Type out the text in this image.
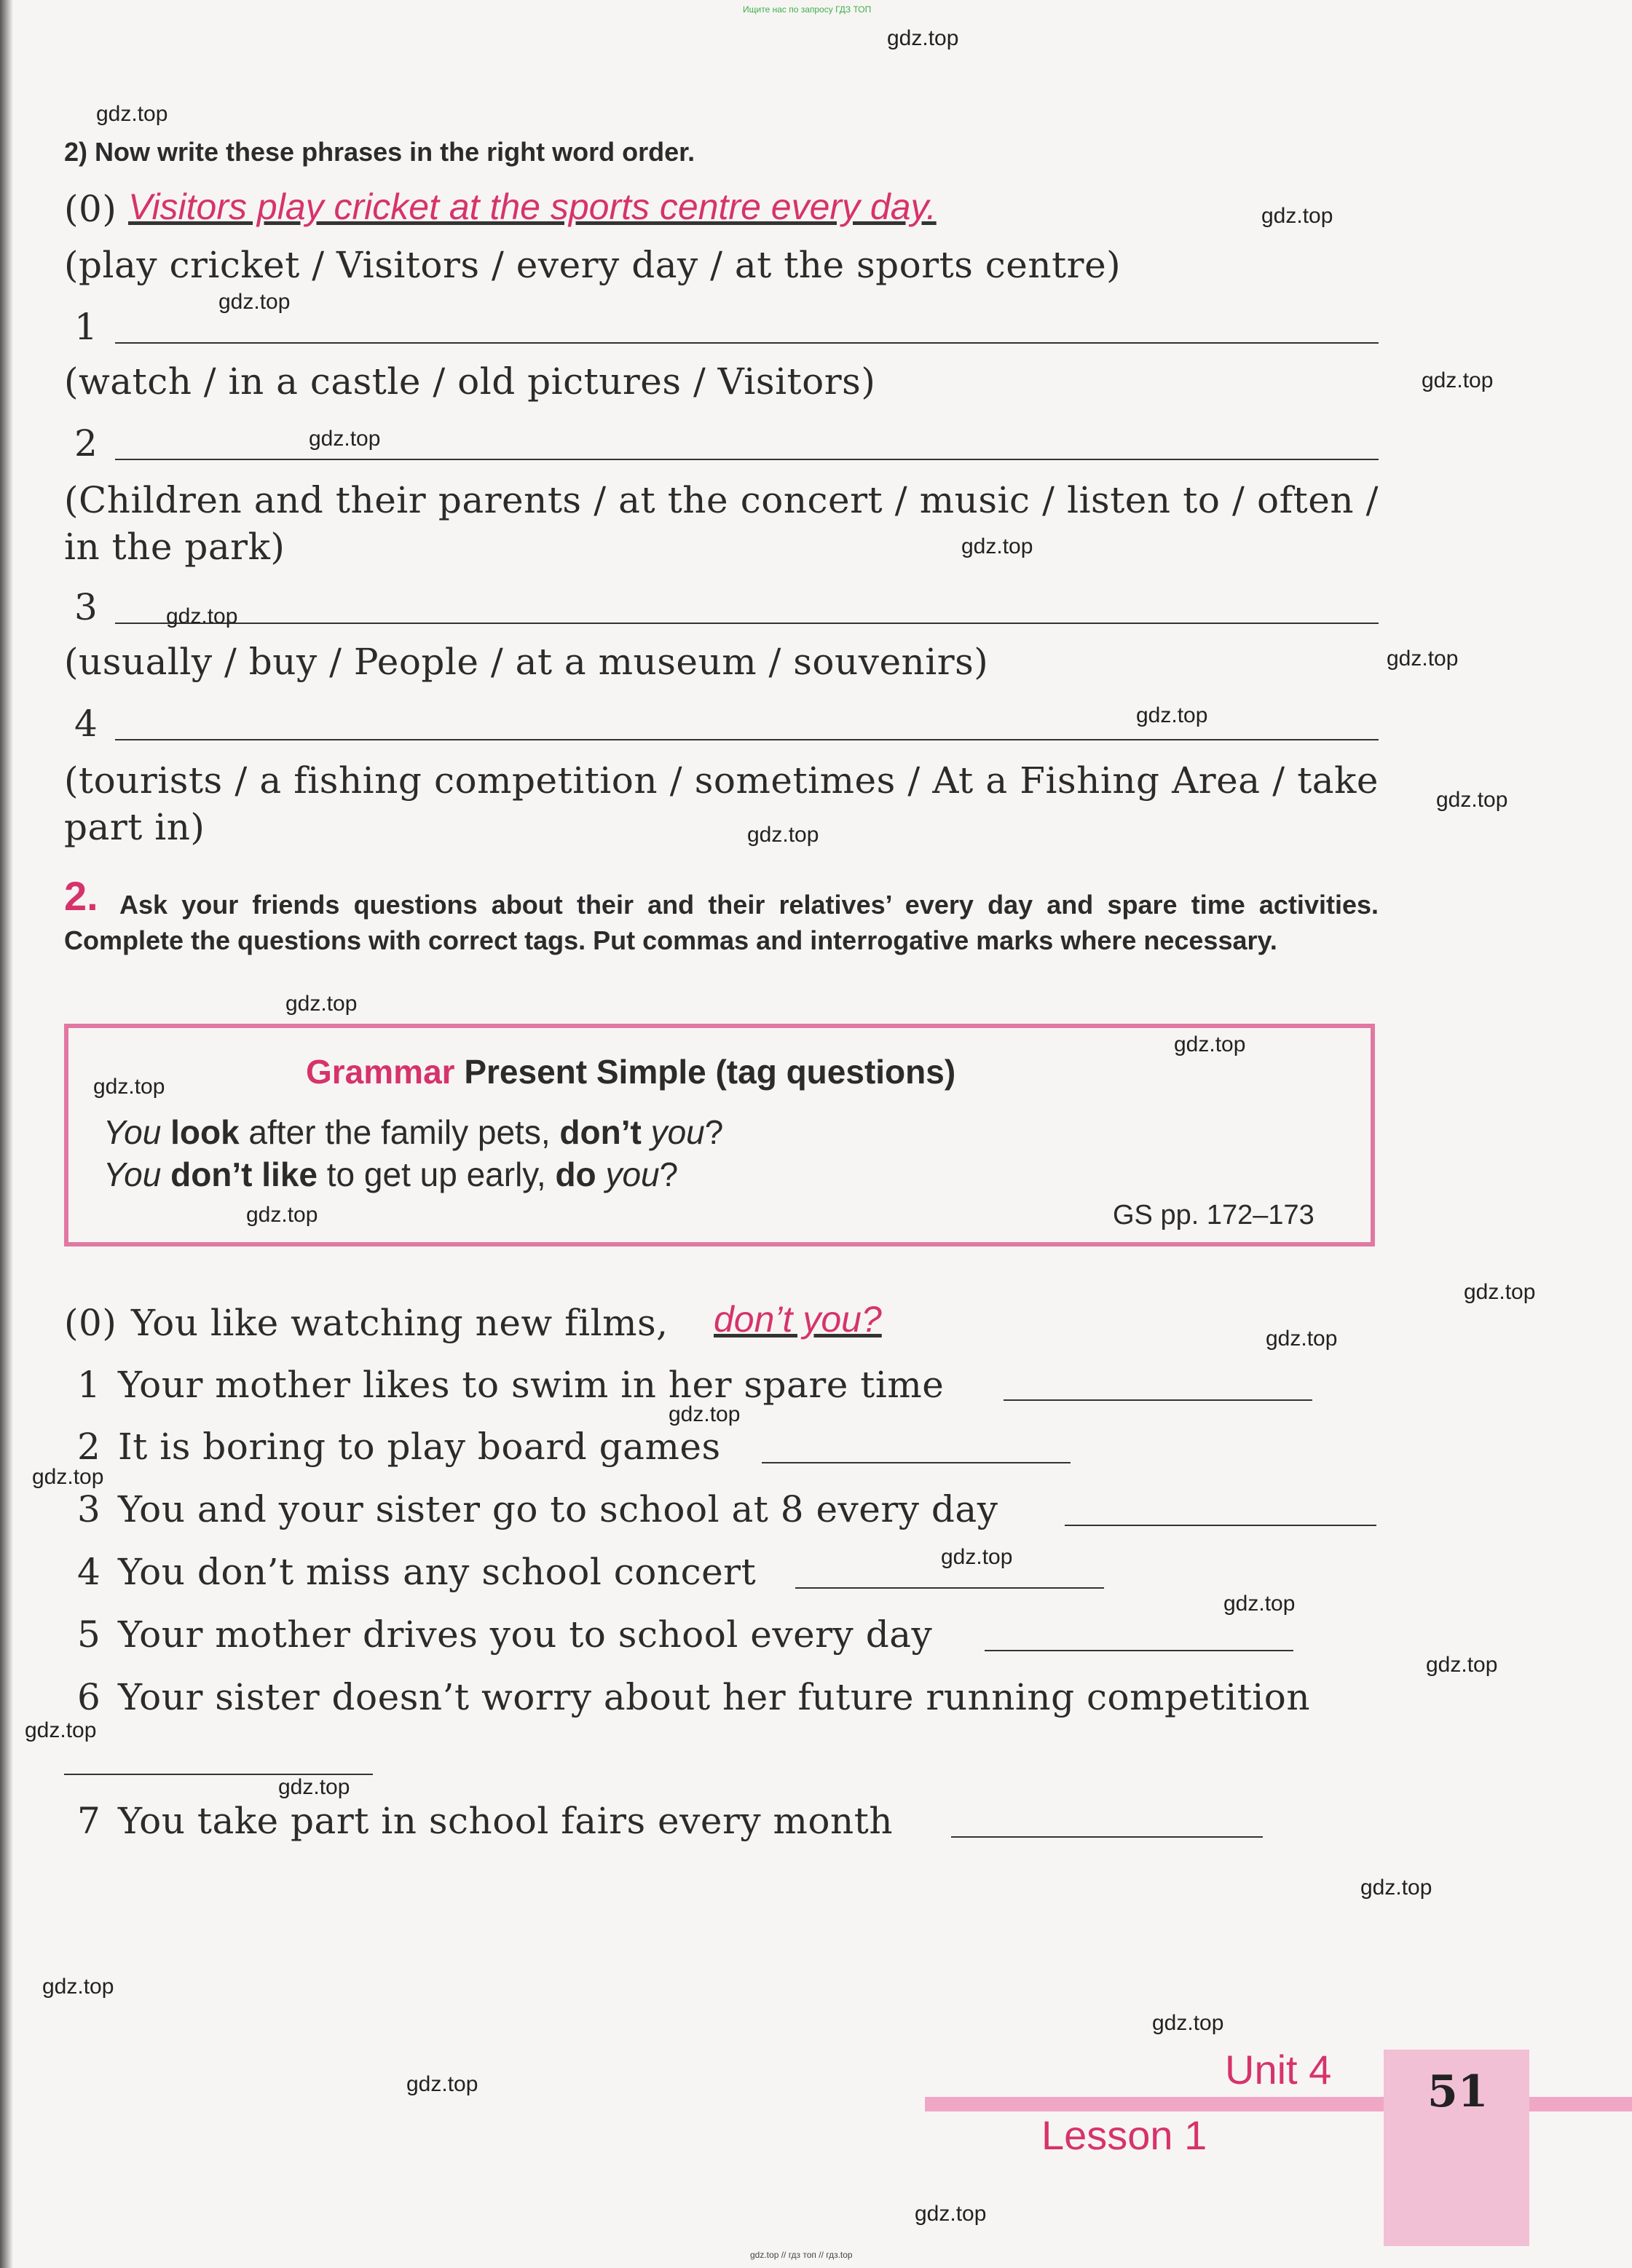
Ищите нас по запросу ГДЗ ТОП
gdz.top // гдз топ // гдз.top
2) Now write these phrases in the right word order.
(0) Visitors play cricket at the sports centre every day.
(play cricket / Visitors / every day / at the sports centre)
1
(watch / in a castle / old pictures / Visitors)
2
(Children and their parents / at the concert / music / listen to / often / in the park)
3
(usually / buy / People / at a museum / souvenirs)
4
(tourists / a fishing competition / sometimes / At a Fishing Area / take part in)
2. Ask your friends questions about their and their relatives’ every day and spare time activities. Complete the questions with correct tags. Put commas and interrogative marks where necessary.
Grammar Present Simple (tag questions)
You look after the family pets, don’t you?
You don’t like to get up early, do you?
GS pp. 172–173
(0) You like watching new films, don’t you?
1 Your mother likes to swim in her spare time
2 It is boring to play board games
3 You and your sister go to school at 8 every day
4 You don’t miss any school concert
5 Your mother drives you to school every day
6 Your sister doesn’t worry about her future running competition
7 You take part in school fairs every month
Unit 4
Lesson 1
51
gdz.top
gdz.top
gdz.top
gdz.top
gdz.top
gdz.top
gdz.top
gdz.top
gdz.top
gdz.top
gdz.top
gdz.top
gdz.top
gdz.top
gdz.top
gdz.top
gdz.top
gdz.top
gdz.top
gdz.top
gdz.top
gdz.top
gdz.top
gdz.top
gdz.top
gdz.top
gdz.top
gdz.top
gdz.top
gdz.top
